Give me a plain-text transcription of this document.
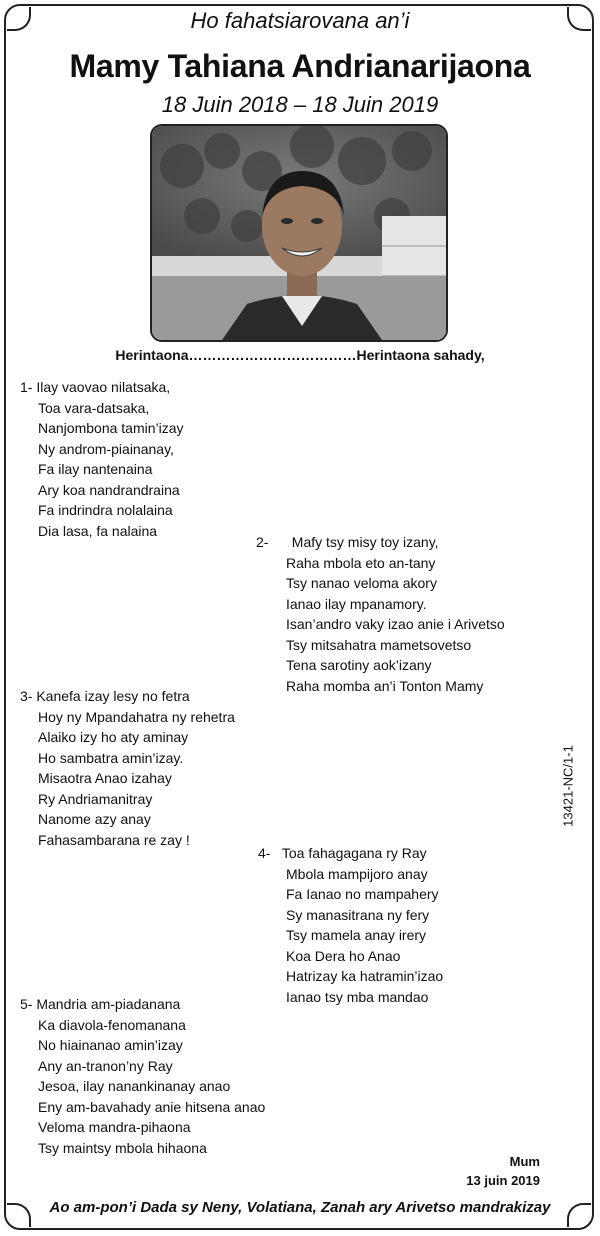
Ho fahatsiarovana an’i
Mamy Tahiana Andrianarijaona
18 Juin 2018 – 18 Juin 2019
Herintaona………………………………Herintaona sahady,
1- Ilay vaovao nilatsaka,
Toa vara-datsaka,
Nanjombona tamin’izay
Ny androm-piainanay,
Fa ilay nantenaina
Ary koa nandrandraina
Fa indrindra nolalaina
Dia lasa, fa nalaina
2- Mafy tsy misy toy izany,
Raha mbola eto an-tany
Tsy nanao veloma akory
Ianao ilay mpanamory.
Isan’andro vaky izao anie i Arivetso
Tsy mitsahatra mametsovetso
Tena sarotiny aok’izany
Raha momba an’i Tonton Mamy
3- Kanefa izay lesy no fetra
Hoy ny Mpandahatra ny rehetra
Alaiko izy ho aty aminay
Ho sambatra amin’izay.
Misaotra Anao izahay
Ry Andriamanitray
Nanome azy anay
Fahasambarana re zay !
4- Toa fahagagana ry Ray
Mbola mampijoro anay
Fa Ianao no mampahery
Sy manasitrana ny fery
Tsy mamela anay irery
Koa Dera ho Anao
Hatrizay ka hatramin’izao
Ianao tsy mba mandao
5- Mandria am-piadanana
Ka diavola-fenomanana
No hiainanao amin’izay
Any an-tranon’ny Ray
Jesoa, ilay nanankinanay anao
Eny am-bavahady anie hitsena anao
Veloma mandra-pihaona
Tsy maintsy mbola hihaona
13421-NC/1-1
Mum
13 juin 2019
Ao am-pon’i Dada sy Neny, Volatiana, Zanah ary Arivetso mandrakizay
